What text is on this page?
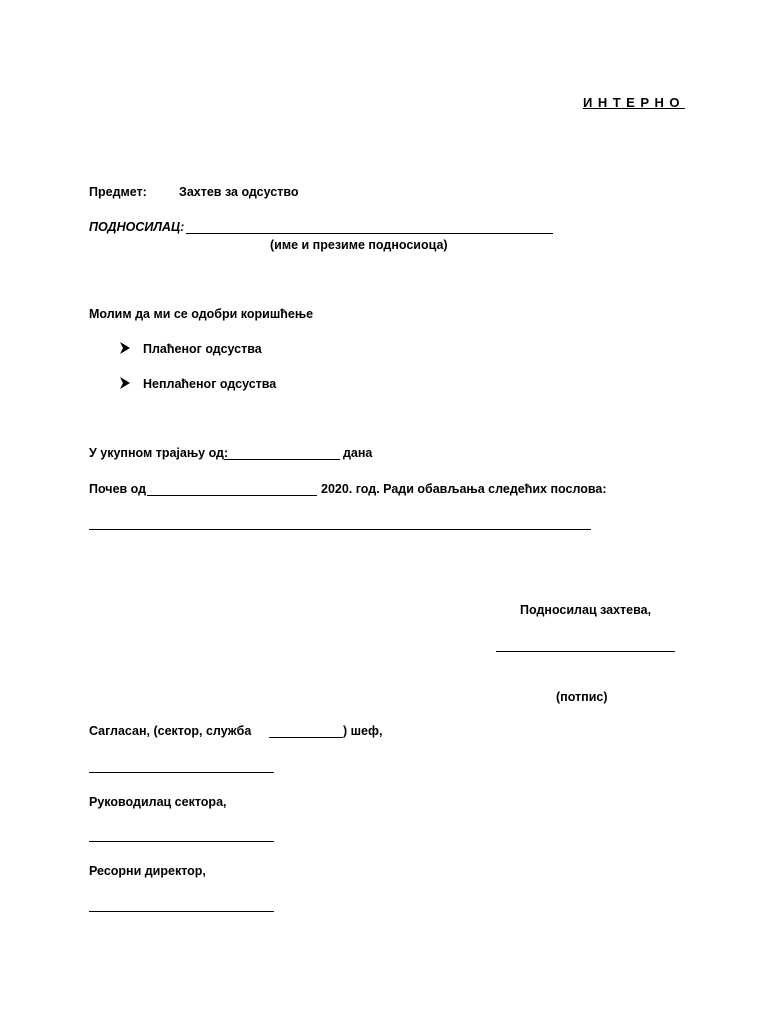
ИНТЕРНО
Предмет:	Захтев за одсуство
ПОДНОСИЛАЦ:
(име и презиме подносиоца)
Молим да ми се одобри коришћење
Плаћеног одсуства
Неплаћеног одсуства
У укупном трајању од:	дана
Почев од	2020. год. Ради обављања следећих послова:
Подносилац захтева,
(потпис)
Сагласан, (сектор, служба	) шеф,
Руководилац сектора,
Ресорни директор,
